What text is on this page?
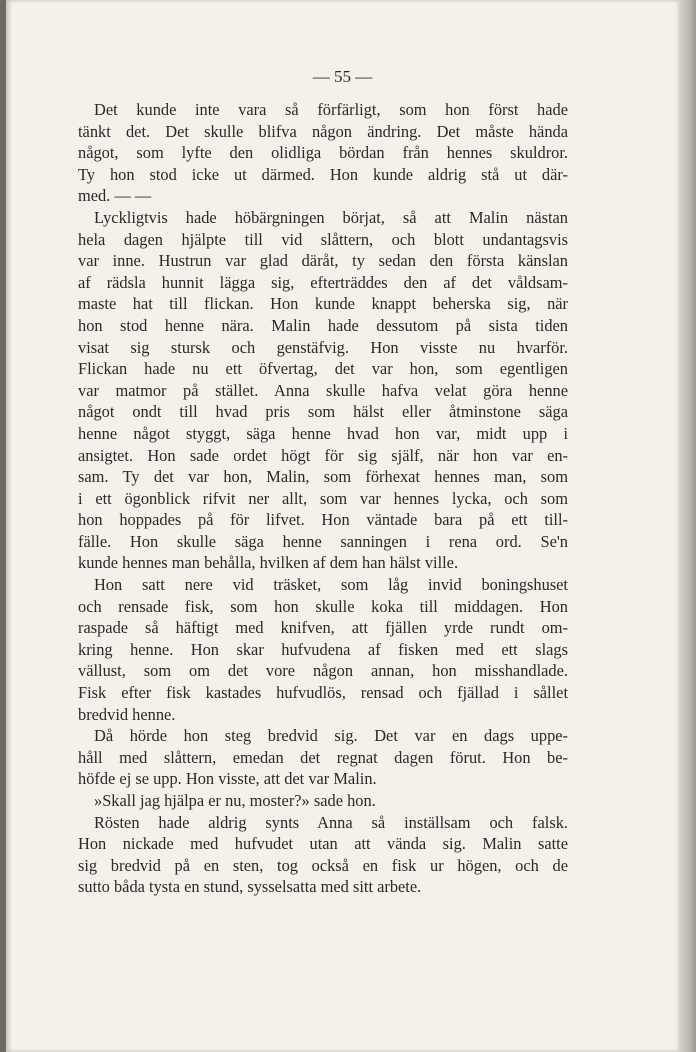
— 55 —
Det kunde inte vara så förfärligt, som hon först hade
tänkt det. Det skulle blifva någon ändring. Det måste hända
något, som lyfte den olidliga bördan från hennes skuldror.
Ty hon stod icke ut därmed. Hon kunde aldrig stå ut där-
med. — —
Lyckligtvis hade höbärgningen börjat, så att Malin nästan
hela dagen hjälpte till vid slåttern, och blott undantagsvis
var inne. Hustrun var glad däråt, ty sedan den första känslan
af rädsla hunnit lägga sig, efterträddes den af det våldsam-
maste hat till flickan. Hon kunde knappt beherska sig, när
hon stod henne nära. Malin hade dessutom på sista tiden
visat sig stursk och genstäfvig. Hon visste nu hvarför.
Flickan hade nu ett öfvertag, det var hon, som egentligen
var matmor på stället. Anna skulle hafva velat göra henne
något ondt till hvad pris som hälst eller åtminstone säga
henne något styggt, säga henne hvad hon var, midt upp i
ansigtet. Hon sade ordet högt för sig själf, när hon var en-
sam. Ty det var hon, Malin, som förhexat hennes man, som
i ett ögonblick rifvit ner allt, som var hennes lycka, och som
hon hoppades på för lifvet. Hon väntade bara på ett till-
fälle. Hon skulle säga henne sanningen i rena ord. Se'n
kunde hennes man behålla, hvilken af dem han hälst ville.
Hon satt nere vid träsket, som låg invid boningshuset
och rensade fisk, som hon skulle koka till middagen. Hon
raspade så häftigt med knifven, att fjällen yrde rundt om-
kring henne. Hon skar hufvudena af fisken med ett slags
vällust, som om det vore någon annan, hon misshandlade.
Fisk efter fisk kastades hufvudlös, rensad och fjällad i sållet
bredvid henne.
Då hörde hon steg bredvid sig. Det var en dags uppe-
håll med slåttern, emedan det regnat dagen förut. Hon be-
höfde ej se upp. Hon visste, att det var Malin.
»Skall jag hjälpa er nu, moster?» sade hon.
Rösten hade aldrig synts Anna så inställsam och falsk.
Hon nickade med hufvudet utan att vända sig. Malin satte
sig bredvid på en sten, tog också en fisk ur högen, och de
sutto båda tysta en stund, sysselsatta med sitt arbete.
